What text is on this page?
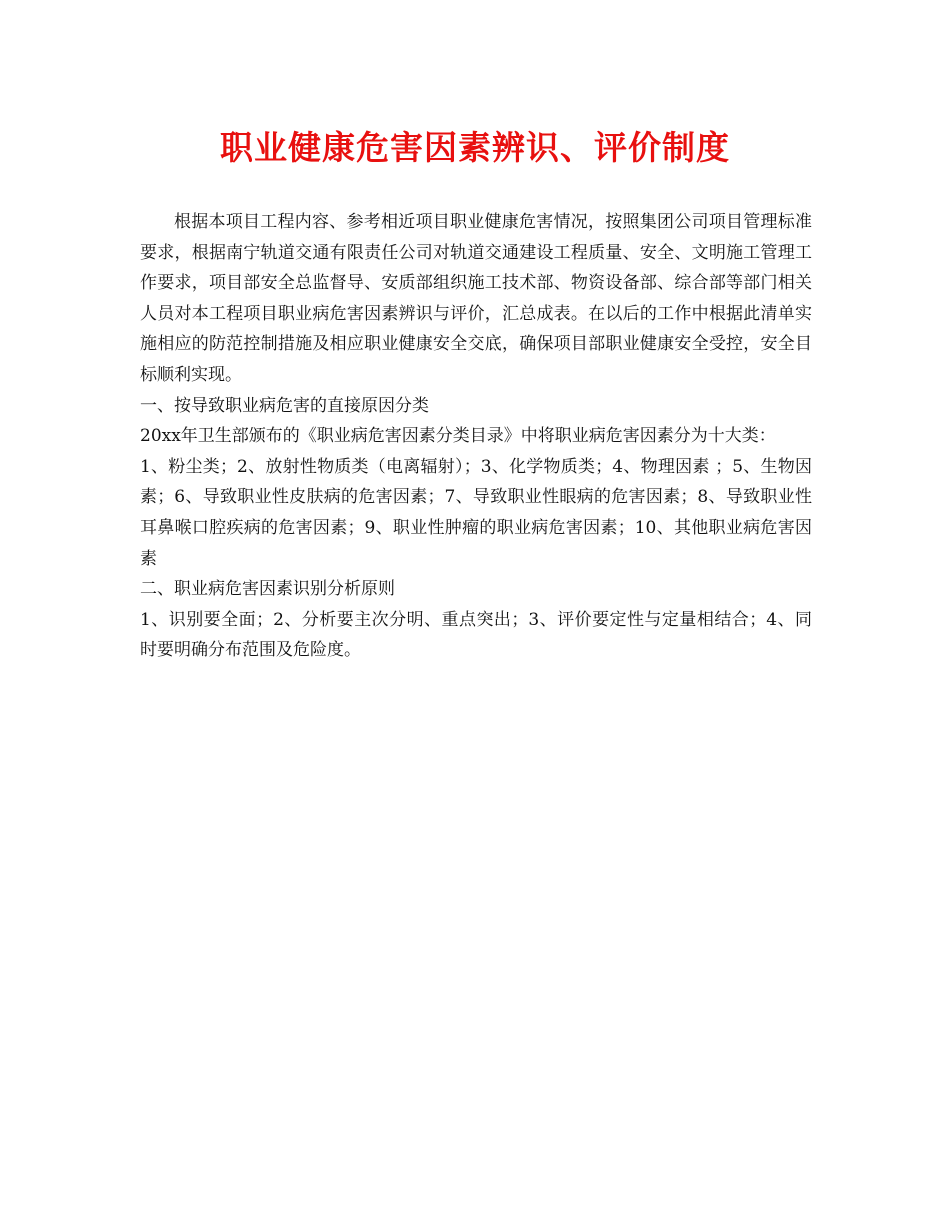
职业健康危害因素辨识、评价制度

根据本项目工程内容、参考相近项目职业健康危害情况，按照集团公司项目管理标准要求，根据南宁轨道交通有限责任公司对轨道交通建设工程质量、安全、文明施工管理工作要求，项目部安全总监督导、安质部组织施工技术部、物资设备部、综合部等部门相关人员对本工程项目职业病危害因素辨识与评价，汇总成表。在以后的工作中根据此清单实施相应的防范控制措施及相应职业健康安全交底，确保项目部职业健康安全受控，安全目标顺利实现。

一、按导致职业病危害的直接原因分类

20xx年卫生部颁布的《职业病危害因素分类目录》中将职业病危害因素分为十大类：

1、粉尘类；2、放射性物质类（电离辐射）；3、化学物质类；4、物理因素 ；5、生物因素；6、导致职业性皮肤病的危害因素；7、导致职业性眼病的危害因素；8、导致职业性耳鼻喉口腔疾病的危害因素；9、职业性肿瘤的职业病危害因素；10、其他职业病危害因素

二、职业病危害因素识别分析原则

1、识别要全面；2、分析要主次分明、重点突出；3、评价要定性与定量相结合；4、同时要明确分布范围及危险度。
